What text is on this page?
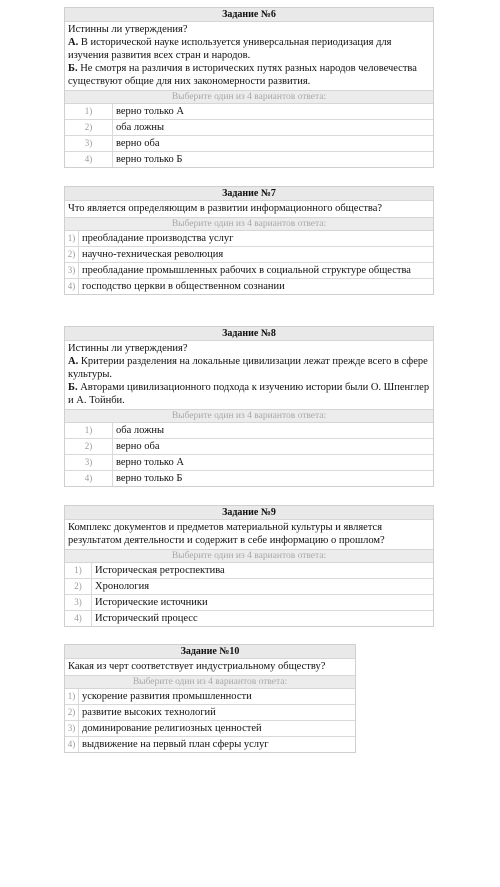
Задание №6

Истинны ли утверждения?

А. В исторической науке используется универсальная периодизация для изучения развития всех стран и народов.

Б. Не смотря на различия в исторических путях разных народов человечества существуют общие для них закономерности развития.

Выберите один из 4 вариантов ответа:
1)	верно только А
2)	оба ложны
3)	верно оба
4)	верно только Б
Задание №7

Что является определяющим в развитии информационного общества?

Выберите один из 4 вариантов ответа:
1) преобладание производства услуг
2) научно-техническая революция
3) преобладание промышленных рабочих в социальной структуре общества
4) господство церкви в общественном сознании
Задание №8

Истинны ли утверждения?

А. Критерии разделения на локальные цивилизации лежат прежде всего в сфере культуры.

Б. Авторами цивилизационного подхода к изучению истории были О. Шпенглер и А. Тойнби.

Выберите один из 4 вариантов ответа:
1)	оба ложны
2)	верно оба
3)	верно только А
4)	верно только Б
Задание №9

Комплекс документов и предметов материальной культуры и является результатом деятельности и содержит в себе информацию о прошлом?

Выберите один из 4 вариантов ответа:
1)	Историческая ретроспектива
2)	Хронология
3)	Исторические источники
4)	Исторический процесс
Задание №10

Какая из черт соответствует индустриальному обществу?

Выберите один из 4 вариантов ответа:
1) ускорение развития промышленности
2) развитие высоких технологий
3) доминирование религиозных ценностей
4) выдвижение на первый план сферы услуг
